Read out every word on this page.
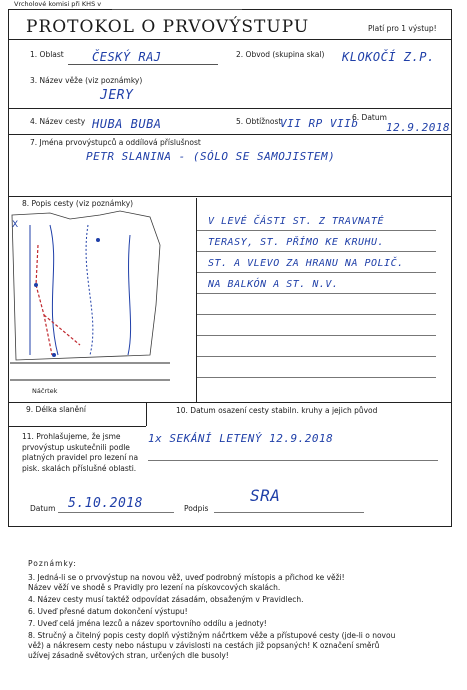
Vrcholové komisi při KHS v
PROTOKOL O PRVOVÝSTUPU	Platí pro 1 výstup!
1. Oblast ČESKÝ RAJ	2. Obvod (skupina skal) KLOKOČÍ Z.P.
3. Název věže (viz poznámky)
JERY
4. Název cesty HUBA BUBA	5. Obtížnost
VII RP VIIb
6. Datum
12.9.2018
7. Jména prvovýstupců a oddílová příslušnost
PETR SLANINA - (SÓLO SE SAMOJISTEM)
8. Popis cesty (viz poznámky)
X
Náčrtek
V LEVÉ ČÁSTI ST. Z TRAVNATÉ
TERASY, ST. PŘÍMO KE KRUHU.
ST. A VLEVO ZA HRANU NA POLIČ.
NA BALKÓN A ST. N.V.
9. Délka slanění	10. Datum osazení cesty stabiln. kruhy a jejich původ
1x SEKÁNÍ LETENÝ 12.9.2018
11. Prohlašujeme, že jsme prvovýstup uskutečnili podle platných pravidel pro lezení na pisk. skalách příslušné oblasti.
Datum 5.10.2018	Podpis
SRA
Poznámky:
3. Jedná-li se o prvovýstup na novou věž, uveď podrobný místopis a přichod ke věži!
Název věží ve shodě s Pravidly pro lezení na pískovcových skalách.
4. Název cesty musí taktéž odpovídat zásadám, obsaženým v Pravidlech.
6. Uveď přesné datum dokončení výstupu!
7. Uveď celá jména lezců a název sportovního oddílu a jednoty!
8. Stručný a čitelný popis cesty doplň výstižným náčrtkem věže a přístupové cesty (jde-li o novou
věž) a nákresem cesty nebo nástupu v závislosti na cestách již popsaných! K označení směrů
užívej zásadně světových stran, určených dle busoly!
